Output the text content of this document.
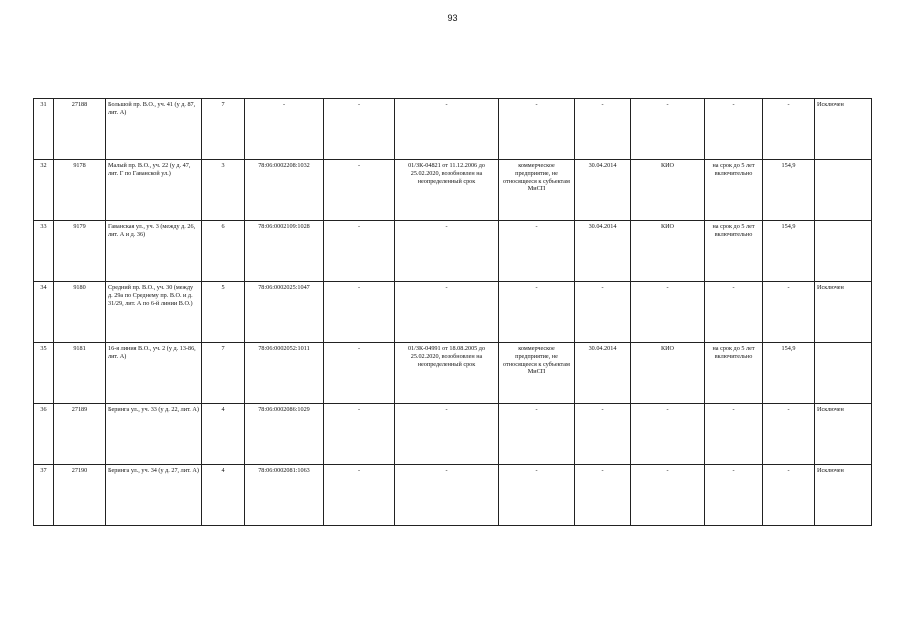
93
31	27188	Большой пр. В.О., уч. 41 (у д. 87, лит. А)	7	-	-	-	-	-	-	-	-	Исключен
32	9178	Малый пр. В.О., уч. 22 (у д. 47, лит. Г по Гаванской ул.)	3	78:06:0002208:1032	-	01/ЗК-04821 от 11.12.2006 до 25.02.2020, возобновлен на неопределенный срок	коммерческое предприятие, не относящееся к субъектам МиСП	30.04.2014	КИО	на срок до 5 лет включительно	154,9	
33	9179	Гаванская ул., уч. 3 (между д. 26, лит. А и д. 36)	6	78:06:0002109:1028	-	-	-	30.04.2014	КИО	на срок до 5 лет включительно	154,9	
34	9180	Средний пр. В.О., уч. 30 (между д. 29а по Среднему пр. В.О. и д. 31/29, лит. А по 6-й линии В.О.)	5	78:06:0002025:1047	-	-	-	-	-	-	-	Исключен
35	9181	16-я линия В.О., уч. 2 (у д. 13-86, лит. А)	7	78:06:0002052:1011	-	01/ЗК-04991 от 18.08.2005 до 25.02.2020, возобновлен на неопределенный срок	коммерческое предприятие, не относящееся к субъектам МиСП	30.04.2014	КИО	на срок до 5 лет включительно	154,9	
36	27189	Беринга ул., уч. 33 (у д. 22, лит. А)	4	78:06:0002086:1029	-	-	-	-	-	-	-	Исключен
37	27190	Беринга ул., уч. 34 (у д. 27, лит. А)	4	78:06:0002081:1063	-	-	-	-	-	-	-	Исключен
